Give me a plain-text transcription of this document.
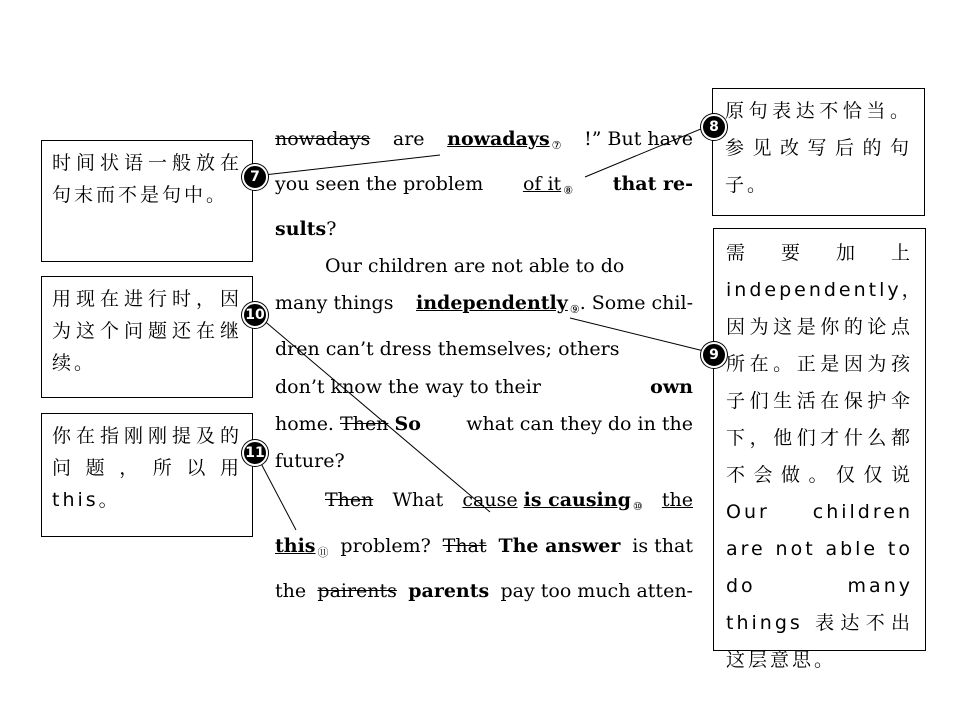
时间状语一般放在句末而不是句中。
用现在进行时，因为这个问题还在继续。
你在指刚刚提及的问题，所以用this。
原句表达不恰当。参见改写后的句子。
需要加上 independently，因为这是你的论点所在。正是因为孩子们生活在保护伞下，他们才什么都不会做。仅仅说 Our children are not able to do many things 表达不出这层意思。
7
8
9
10
11
nowadays are nowadays $_⑦$ !” But have
you seen the problem of it $_⑧$ that re-
sults?
Our children are not able to do
many things independently $_⑨$. Some chil-
dren can’t dress themselves; others
don’t know the way to their	own
home. Then So what can they do in the
future?
Then What cause is causing $_⑩$ the
this $_⑪$ problem? That The answer is that
the pairents parents pay too much atten-
